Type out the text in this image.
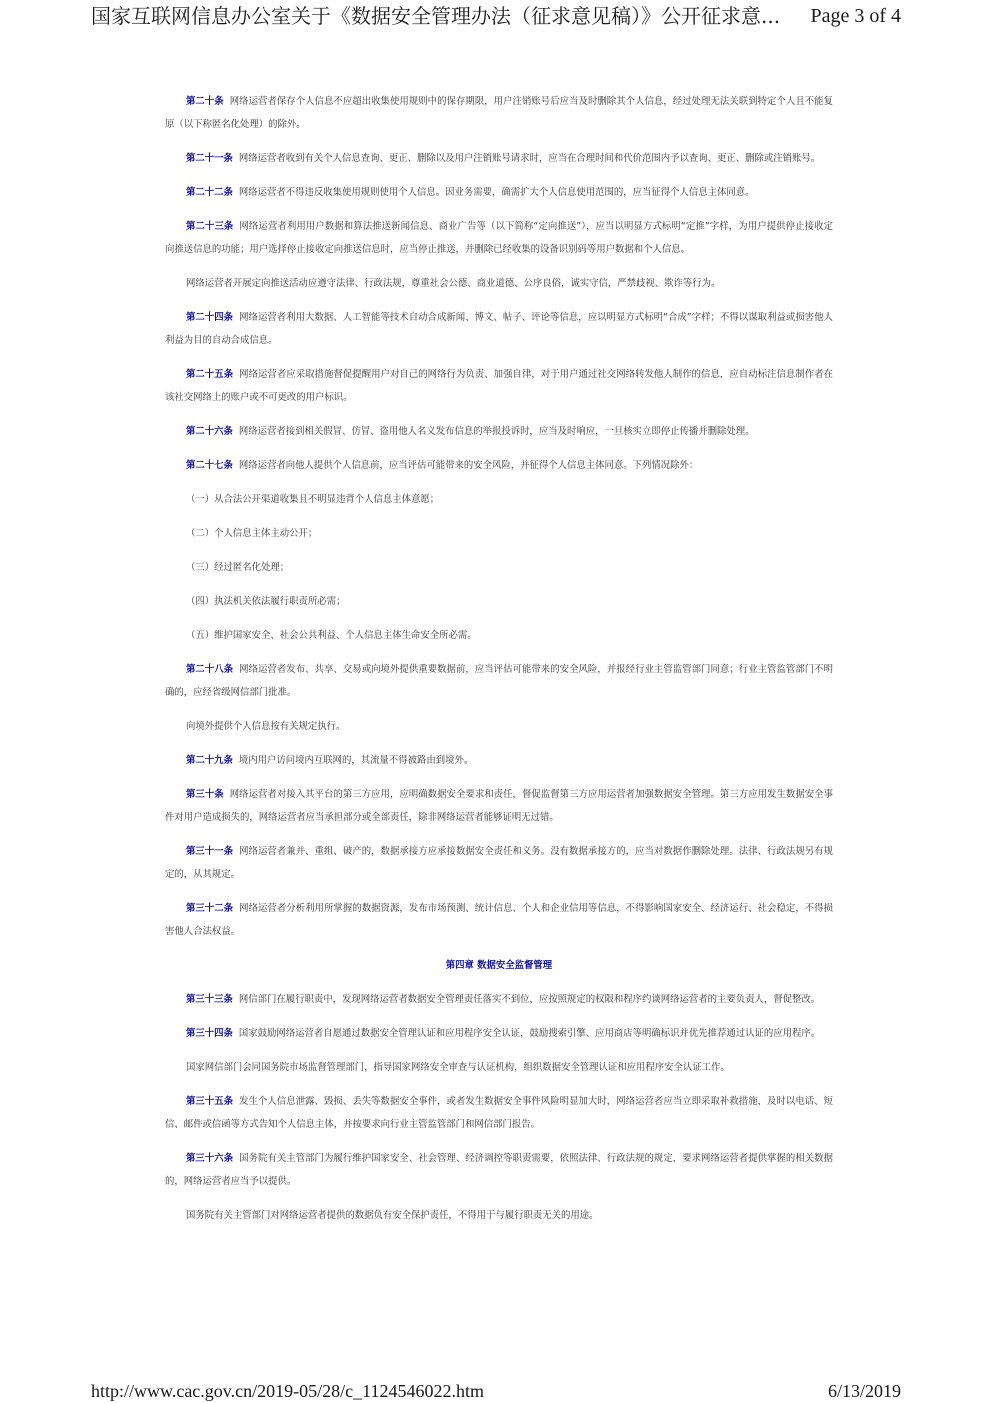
国家互联网信息办公室关于《数据安全管理办法（征求意见稿）》公开征求意...	Page 3 of 4

第二十条 网络运营者保存个人信息不应超出收集使用规则中的保存期限，用户注销账号后应当及时删除其个人信息，经过处理无法关联到特定个人且不能复原（以下称匿名化处理）的除外。

第二十一条 网络运营者收到有关个人信息查询、更正、删除以及用户注销账号请求时，应当在合理时间和代价范围内予以查询、更正、删除或注销账号。

第二十二条 网络运营者不得违反收集使用规则使用个人信息。因业务需要，确需扩大个人信息使用范围的，应当征得个人信息主体同意。

第二十三条 网络运营者利用用户数据和算法推送新闻信息、商业广告等（以下简称“定向推送”），应当以明显方式标明“定推”字样，为用户提供停止接收定向推送信息的功能；用户选择停止接收定向推送信息时，应当停止推送，并删除已经收集的设备识别码等用户数据和个人信息。

网络运营者开展定向推送活动应遵守法律、行政法规，尊重社会公德、商业道德、公序良俗，诚实守信，严禁歧视、欺诈等行为。

第二十四条 网络运营者利用大数据、人工智能等技术自动合成新闻、博文、帖子、评论等信息，应以明显方式标明“合成”字样；不得以谋取利益或损害他人利益为目的自动合成信息。

第二十五条 网络运营者应采取措施督促提醒用户对自己的网络行为负责、加强自律，对于用户通过社交网络转发他人制作的信息，应自动标注信息制作者在该社交网络上的账户或不可更改的用户标识。

第二十六条 网络运营者接到相关假冒、仿冒、盗用他人名义发布信息的举报投诉时，应当及时响应，一旦核实立即停止传播并删除处理。

第二十七条 网络运营者向他人提供个人信息前，应当评估可能带来的安全风险，并征得个人信息主体同意。下列情况除外：

（一）从合法公开渠道收集且不明显违背个人信息主体意愿；

（二）个人信息主体主动公开；

（三）经过匿名化处理；

（四）执法机关依法履行职责所必需；

（五）维护国家安全、社会公共利益、个人信息主体生命安全所必需。

第二十八条 网络运营者发布、共享、交易或向境外提供重要数据前，应当评估可能带来的安全风险，并报经行业主管监管部门同意；行业主管监管部门不明确的，应经省级网信部门批准。

向境外提供个人信息按有关规定执行。

第二十九条 境内用户访问境内互联网的，其流量不得被路由到境外。

第三十条 网络运营者对接入其平台的第三方应用，应明确数据安全要求和责任，督促监督第三方应用运营者加强数据安全管理。第三方应用发生数据安全事件对用户造成损失的，网络运营者应当承担部分或全部责任，除非网络运营者能够证明无过错。

第三十一条 网络运营者兼并、重组、破产的，数据承接方应承接数据安全责任和义务。没有数据承接方的，应当对数据作删除处理。法律、行政法规另有规定的，从其规定。

第三十二条 网络运营者分析利用所掌握的数据资源，发布市场预测、统计信息、个人和企业信用等信息，不得影响国家安全、经济运行、社会稳定，不得损害他人合法权益。

第四章 数据安全监督管理

第三十三条 网信部门在履行职责中，发现网络运营者数据安全管理责任落实不到位，应按照规定的权限和程序约谈网络运营者的主要负责人，督促整改。

第三十四条 国家鼓励网络运营者自愿通过数据安全管理认证和应用程序安全认证，鼓励搜索引擎、应用商店等明确标识并优先推荐通过认证的应用程序。

国家网信部门会同国务院市场监督管理部门，指导国家网络安全审查与认证机构，组织数据安全管理认证和应用程序安全认证工作。

第三十五条 发生个人信息泄露、毁损、丢失等数据安全事件，或者发生数据安全事件风险明显加大时，网络运营者应当立即采取补救措施，及时以电话、短信、邮件或信函等方式告知个人信息主体，并按要求向行业主管监管部门和网信部门报告。

第三十六条 国务院有关主管部门为履行维护国家安全、社会管理、经济调控等职责需要，依照法律、行政法规的规定，要求网络运营者提供掌握的相关数据的，网络运营者应当予以提供。

国务院有关主管部门对网络运营者提供的数据负有安全保护责任，不得用于与履行职责无关的用途。

http://www.cac.gov.cn/2019-05/28/c_1124546022.htm	6/13/2019
